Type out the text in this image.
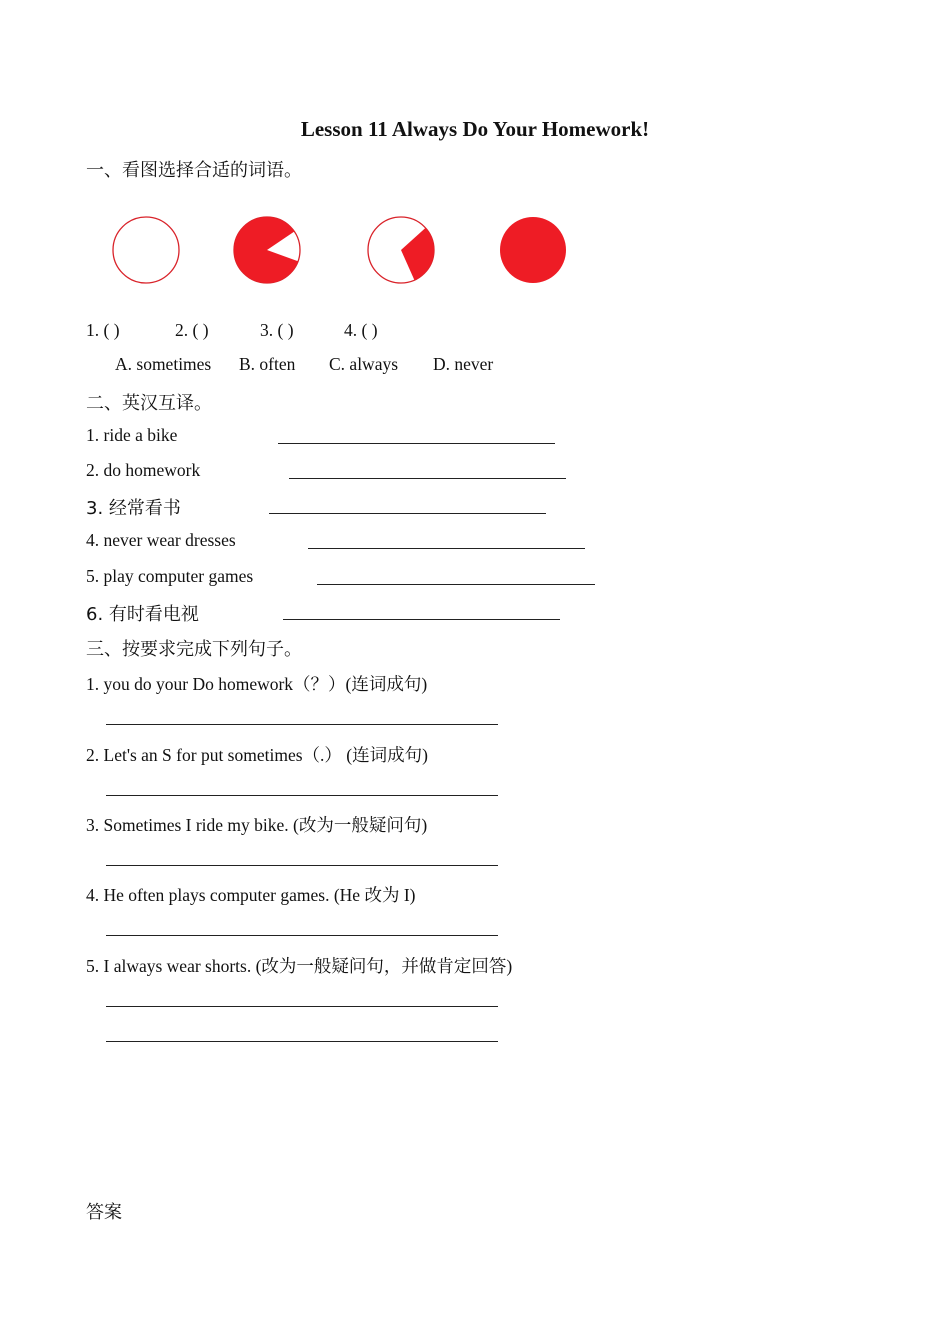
Lesson 11 Always Do Your Homework!
一、看图选择合适的词语。
1. ( )	2. ( )	3. ( )	4. ( )
A. sometimes B. often C. always D. never
二、英汉互译。
1. ride a bike
2. do homework
3. 经常看书
4. never wear dresses
5. play computer games
6. 有时看电视
三、按要求完成下列句子。
1. you do your Do homework（？）(连词成句)
2. Let's an S for put sometimes（.） (连词成句)
3. Sometimes I ride my bike. (改为一般疑问句)
4. He often plays computer games. (He 改为 I)
5. I always wear shorts. (改为一般疑问句，并做肯定回答)
答案
